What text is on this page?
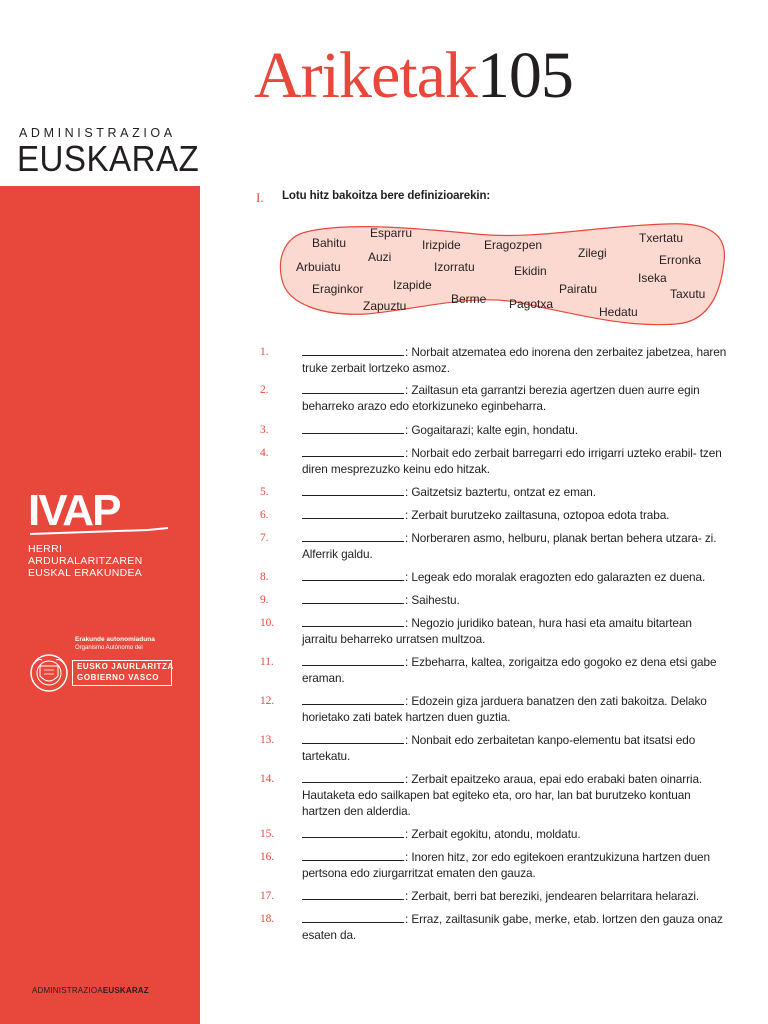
Ariketak105
ADMINISTRAZIOA
EUSKARAZ
IVAP
HERRI ARDURALARITZAREN
EUSKAL ERAKUNDEA
Erakunde autonomiaduna
Organismo Autónomo del
EUSKO JAURLARITZA
GOBIERNO VASCO
ADMINISTRAZIOAEUSKARAZ105
I. Lotu hitz bakoitza bere definizioarekin:
Bahitu
Esparru
Auzi
Irizpide Eragozpen
Zilegi
Txertatu
Erronka
Arbuiatu	Izorratu	Ekidin	Iseka
Eraginkor Izapide
Berme Pagotxa
Pairatu
Hedatu
Taxutu
Zapuztu
1.	: Norbait atzematea edo inorena den zerbaitez jabetzea, haren truke zerbait lortzeko asmoz.
2.	: Zailtasun eta garrantzi berezia agertzen duen aurre egin beharreko arazo edo etorkizuneko eginbeharra.
3.	: Gogaitarazi; kalte egin, hondatu.
4.	: Norbait edo zerbait barregarri edo irrigarri uzteko erabil- tzen diren mesprezuzko keinu edo hitzak.
5.	: Gaitzetsiz baztertu, ontzat ez eman.
6.	: Zerbait burutzeko zailtasuna, oztopoa edota traba.
7.	: Norberaren asmo, helburu, planak bertan behera utzara- zi. Alferrik galdu.
8.	: Legeak edo moralak eragozten edo galarazten ez duena.
9.	: Saihestu.
10.	: Negozio juridiko batean, hura hasi eta amaitu bitartean jarraitu beharreko urratsen multzoa.
11.	: Ezbeharra, kaltea, zorigaitza edo gogoko ez dena etsi gabe eraman.
12.	: Edozein giza jarduera banatzen den zati bakoitza. Delako horietako zati batek hartzen duen guztia.
13.	: Nonbait edo zerbaitetan kanpo-elementu bat itsatsi edo tartekatu.
14.	: Zerbait epaitzeko araua, epai edo erabaki baten oinarria. Hautaketa edo sailkapen bat egiteko eta, oro har, lan bat burutzeko kontuan hartzen den alderdia.
15.	: Zerbait egokitu, atondu, moldatu.
16.	: Inoren hitz, zor edo egitekoen erantzukizuna hartzen duen pertsona edo ziurgarritzat ematen den gauza.
17.	: Zerbait, berri bat bereziki, jendearen belarritara helarazi.
18.	: Erraz, zailtasunik gabe, merke, etab. lortzen den gauza onaz esaten da.
